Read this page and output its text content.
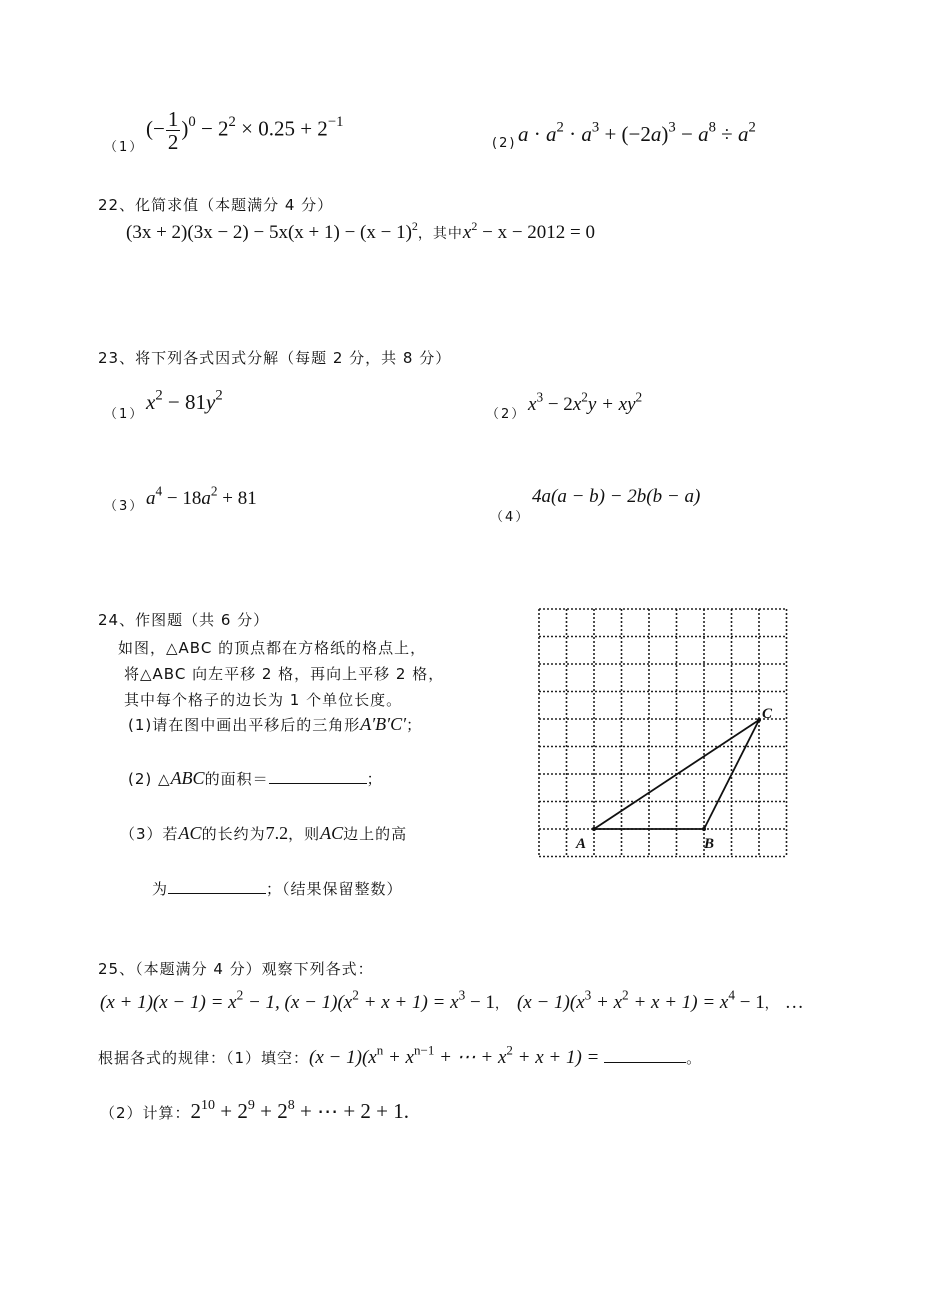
（1）
(− $\frac{1}{2} )^0 - 2^2 \times 0.25 + 2^{-1}$
(2) $a \cdot a^2 \cdot a^3 + (-2a)^3 - a^8 \div a^2$
22、化简求值（本题满分 4 分）
$(3x + 2)(3x - 2) - 5x(x + 1) - (x - 1)^2$，其中$x^2 - x - 2012 = 0$
23、将下列各式因式分解（每题 2 分，共 8 分）
（1）
$x^2 - 81y^2$
（2） $x^3 - 2x^2y + xy^2$
（3） $a^4 - 18a^2 + 81$	4a(a − b) − 2b(b − a)
（4）
24、作图题（共 6 分）
如图，△ABC 的顶点都在方格纸的格点上，
将△ABC 向左平移 2 格，再向上平移 2 格，
其中每个格子的边长为 1 个单位长度。
(1)请在图中画出平移后的三角形A′B′C′；
(2) △ABC的面积＝	；
（3）若AC的长约为7.2，则AC边上的高
为	；（结果保留整数）
A	B
C
25、（本题满分 4 分）观察下列各式：
$(x + 1)(x - 1) = x^2 - 1$, $(x - 1)(x^2 + x + 1) = x^3 - 1$， $(x - 1)(x^3 + x^2 + x + 1) = x^4 - 1$， …
根据各式的规律：（1）填空：$(x - 1)(x^n + x^{n-1}$ + ⋯ + $x^2 + x + 1$) =	。
（2）计算：$2^{10} + 2^9 + 2^8$ + ⋯ + 2 + 1.
